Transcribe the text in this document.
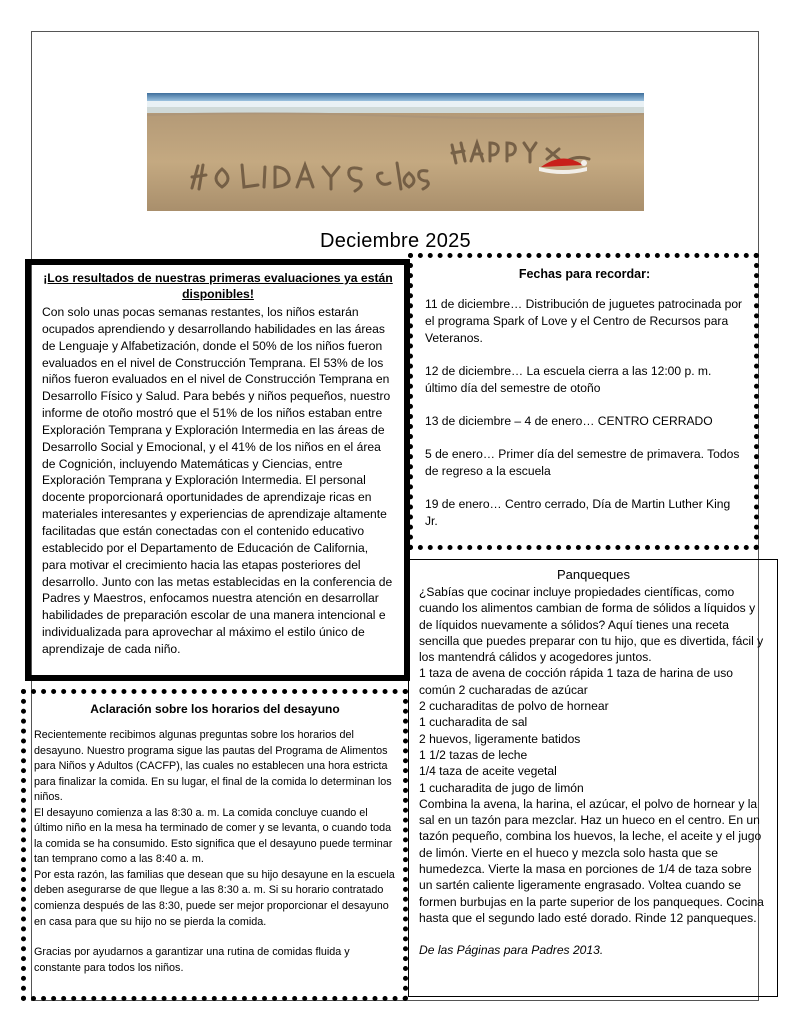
Deciembre 2025
¡Los resultados de nuestras primeras evaluaciones ya están disponibles!

Con solo unas pocas semanas restantes, los niños estarán ocupados aprendiendo y desarrollando habilidades en las áreas de Lenguaje y Alfabetización, donde el 50% de los niños fueron evaluados en el nivel de Construcción Temprana. El 53% de los niños fueron evaluados en el nivel de Construcción Temprana en Desarrollo Físico y Salud. Para bebés y niños pequeños, nuestro informe de otoño mostró que el 51% de los niños estaban entre Exploración Temprana y Exploración Intermedia en las áreas de Desarrollo Social y Emocional, y el 41% de los niños en el área de Cognición, incluyendo Matemáticas y Ciencias, entre Exploración Temprana y Exploración Intermedia. El personal docente proporcionará oportunidades de aprendizaje ricas en materiales interesantes y experiencias de aprendizaje altamente facilitadas que están conectadas con el contenido educativo establecido por el Departamento de Educación de California, para motivar el crecimiento hacia las etapas posteriores del desarrollo. Junto con las metas establecidas en la conferencia de Padres y Maestros, enfocamos nuestra atención en desarrollar habilidades de preparación escolar de una manera intencional e individualizada para aprovechar al máximo el estilo único de aprendizaje de cada niño.

Fechas para recordar:
11 de diciembre… Distribución de juguetes patrocinada por el programa Spark of Love y el Centro de Recursos para Veteranos.
12 de diciembre… La escuela cierra a las 12:00 p. m. último día del semestre de otoño
13 de diciembre – 4 de enero… CENTRO CERRADO
5 de enero… Primer día del semestre de primavera. Todos de regreso a la escuela
19 de enero… Centro cerrado, Día de Martin Luther King Jr.
Panqueques

¿Sabías que cocinar incluye propiedades científicas, como cuando los alimentos cambian de forma de sólidos a líquidos y de líquidos nuevamente a sólidos? Aquí tienes una receta sencilla que puedes preparar con tu hijo, que es divertida, fácil y los mantendrá cálidos y acogedores juntos.

1 taza de avena de cocción rápida 1 taza de harina de uso común 2 cucharadas de azúcar
2 cucharaditas de polvo de hornear
1 cucharadita de sal
2 huevos, ligeramente batidos
1 1/2 tazas de leche
1/4 taza de aceite vegetal
1 cucharadita de jugo de limón

Combina la avena, la harina, el azúcar, el polvo de hornear y la sal en un tazón para mezclar. Haz un hueco en el centro. En un tazón pequeño, combina los huevos, la leche, el aceite y el jugo de limón. Vierte en el hueco y mezcla solo hasta que se humedezca. Vierte la masa en porciones de 1/4 de taza sobre un sartén caliente ligeramente engrasado. Voltea cuando se formen burbujas en la parte superior de los panqueques. Cocina hasta que el segundo lado esté dorado. Rinde 12 panqueques.

De las Páginas para Padres 2013.

Aclaración sobre los horarios del desayuno

Recientemente recibimos algunas preguntas sobre los horarios del desayuno. Nuestro programa sigue las pautas del Programa de Alimentos para Niños y Adultos (CACFP), las cuales no establecen una hora estricta para finalizar la comida. En su lugar, el final de la comida lo determinan los niños.

El desayuno comienza a las 8:30 a. m. La comida concluye cuando el último niño en la mesa ha terminado de comer y se levanta, o cuando toda la comida se ha consumido. Esto significa que el desayuno puede terminar tan temprano como a las 8:40 a. m.

Por esta razón, las familias que desean que su hijo desayune en la escuela deben asegurarse de que llegue a las 8:30 a. m. Si su horario contratado comienza después de las 8:30, puede ser mejor proporcionar el desayuno en casa para que su hijo no se pierda la comida.

Gracias por ayudarnos a garantizar una rutina de comidas fluida y constante para todos los niños.
